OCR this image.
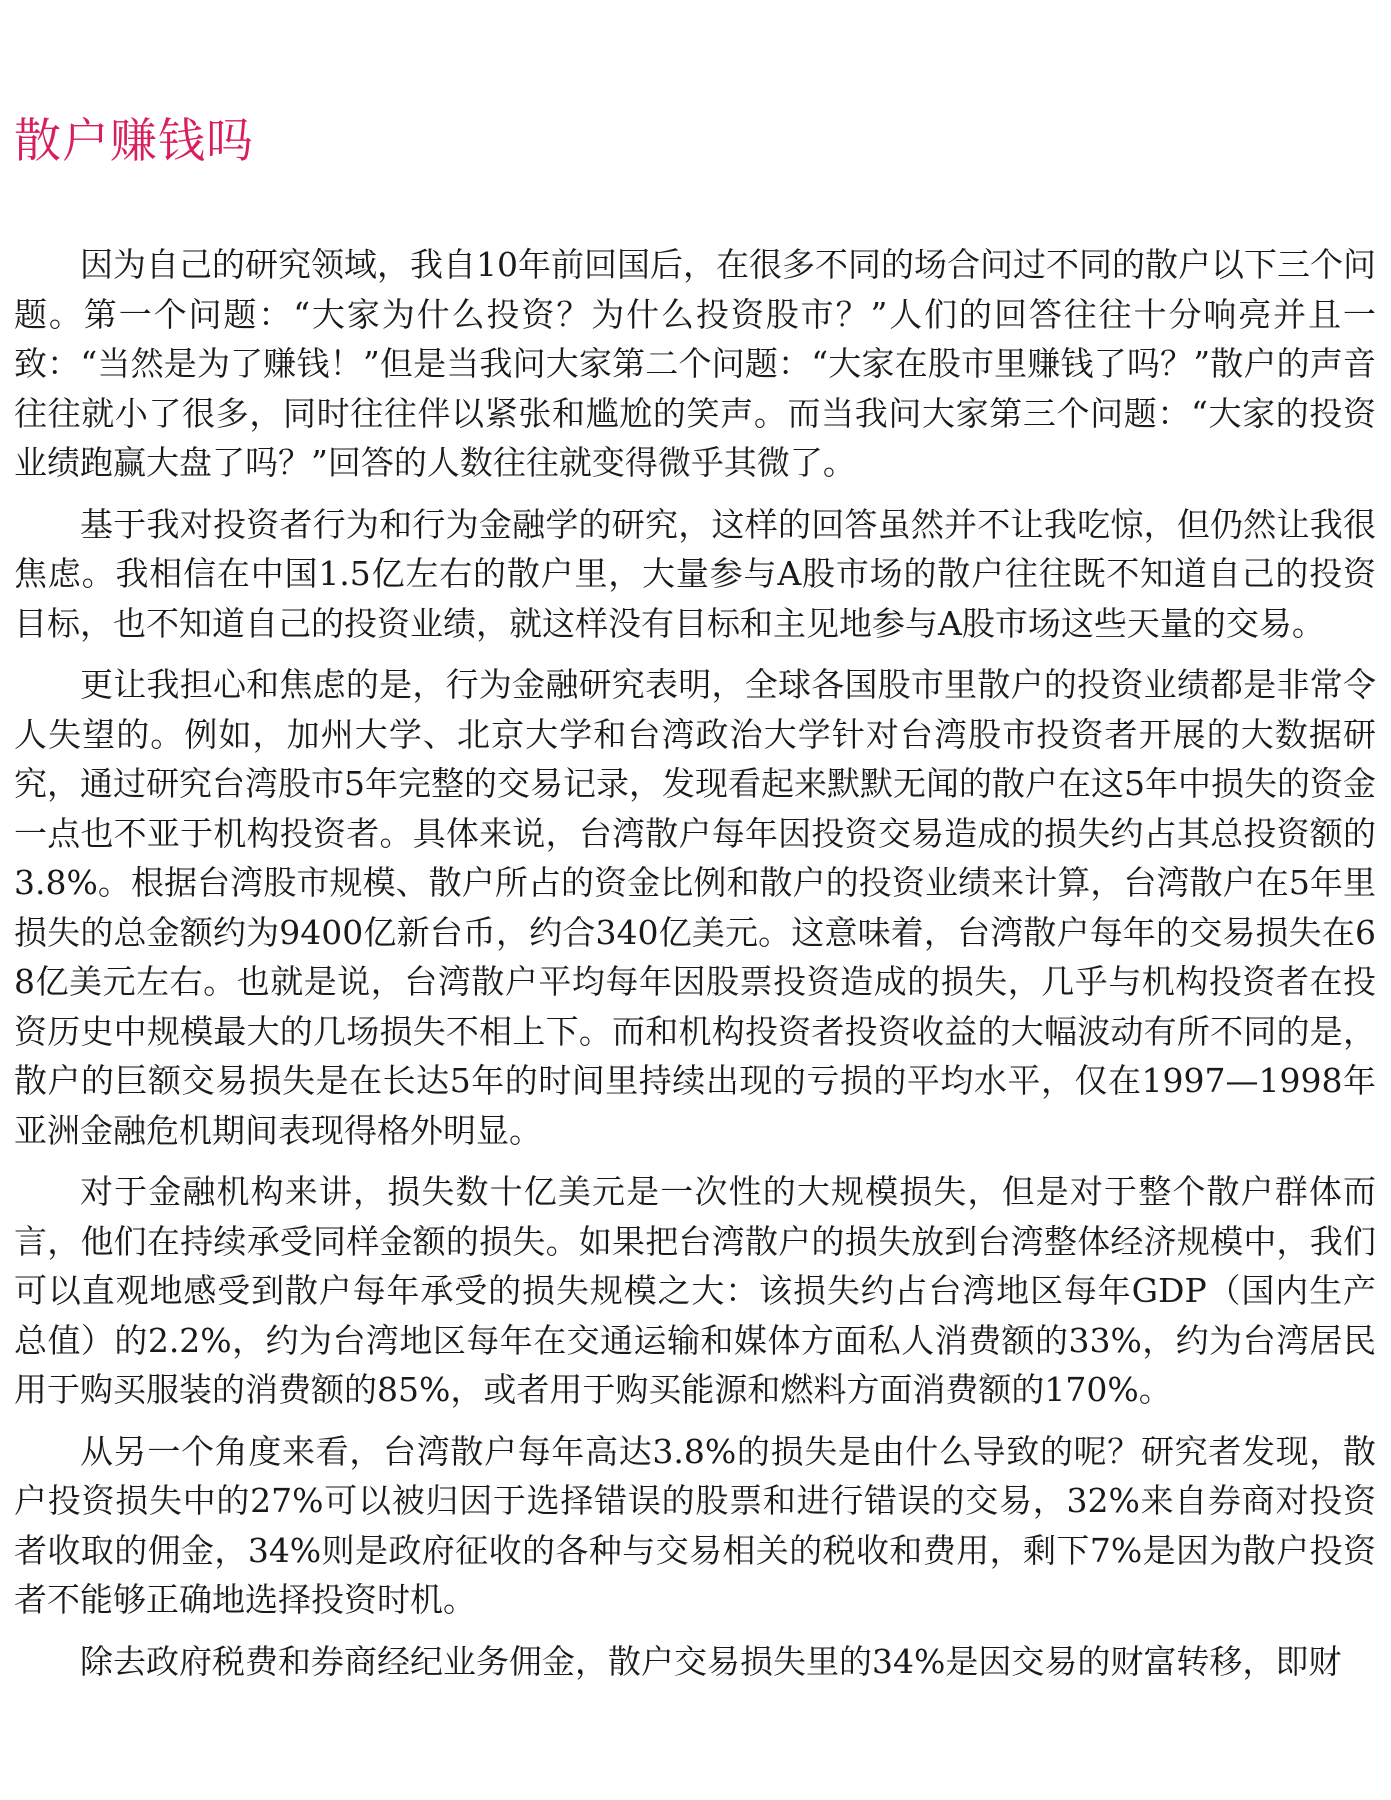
散户赚钱吗

因为自己的研究领域，我自10年前回国后，在很多不同的场合问过不同的散户以下三个问题。第一个问题：“大家为什么投资？为什么投资股市？”人们的回答往往十分响亮并且一致：“当然是为了赚钱！”但是当我问大家第二个问题：“大家在股市里赚钱了吗？”散户的声音往往就小了很多，同时往往伴以紧张和尴尬的笑声。而当我问大家第三个问题：“大家的投资业绩跑赢大盘了吗？”回答的人数往往就变得微乎其微了。

基于我对投资者行为和行为金融学的研究，这样的回答虽然并不让我吃惊，但仍然让我很焦虑。我相信在中国1.5亿左右的散户里，大量参与A股市场的散户往往既不知道自己的投资目标，也不知道自己的投资业绩，就这样没有目标和主见地参与A股市场这些天量的交易。

更让我担心和焦虑的是，行为金融研究表明，全球各国股市里散户的投资业绩都是非常令人失望的。例如，加州大学、北京大学和台湾政治大学针对台湾股市投资者开展的大数据研究，通过研究台湾股市5年完整的交易记录，发现看起来默默无闻的散户在这5年中损失的资金一点也不亚于机构投资者。具体来说，台湾散户每年因投资交易造成的损失约占其总投资额的3.8%。根据台湾股市规模、散户所占的资金比例和散户的投资业绩来计算，台湾散户在5年里损失的总金额约为9400亿新台币，约合340亿美元。这意味着，台湾散户每年的交易损失在68亿美元左右。也就是说，台湾散户平均每年因股票投资造成的损失，几乎与机构投资者在投资历史中规模最大的几场损失不相上下。而和机构投资者投资收益的大幅波动有所不同的是，散户的巨额交易损失是在长达5年的时间里持续出现的亏损的平均水平，仅在1997—1998年亚洲金融危机期间表现得格外明显。

对于金融机构来讲，损失数十亿美元是一次性的大规模损失，但是对于整个散户群体而言，他们在持续承受同样金额的损失。如果把台湾散户的损失放到台湾整体经济规模中，我们可以直观地感受到散户每年承受的损失规模之大：该损失约占台湾地区每年GDP（国内生产总值）的2.2%，约为台湾地区每年在交通运输和媒体方面私人消费额的33%，约为台湾居民用于购买服装的消费额的85%，或者用于购买能源和燃料方面消费额的170%。

从另一个角度来看，台湾散户每年高达3.8%的损失是由什么导致的呢？研究者发现，散户投资损失中的27%可以被归因于选择错误的股票和进行错误的交易，32%来自券商对投资者收取的佣金，34%则是政府征收的各种与交易相关的税收和费用，剩下7%是因为散户投资者不能够正确地选择投资时机。

除去政府税费和券商经纪业务佣金，散户交易损失里的34%是因交易的财富转移，即财
